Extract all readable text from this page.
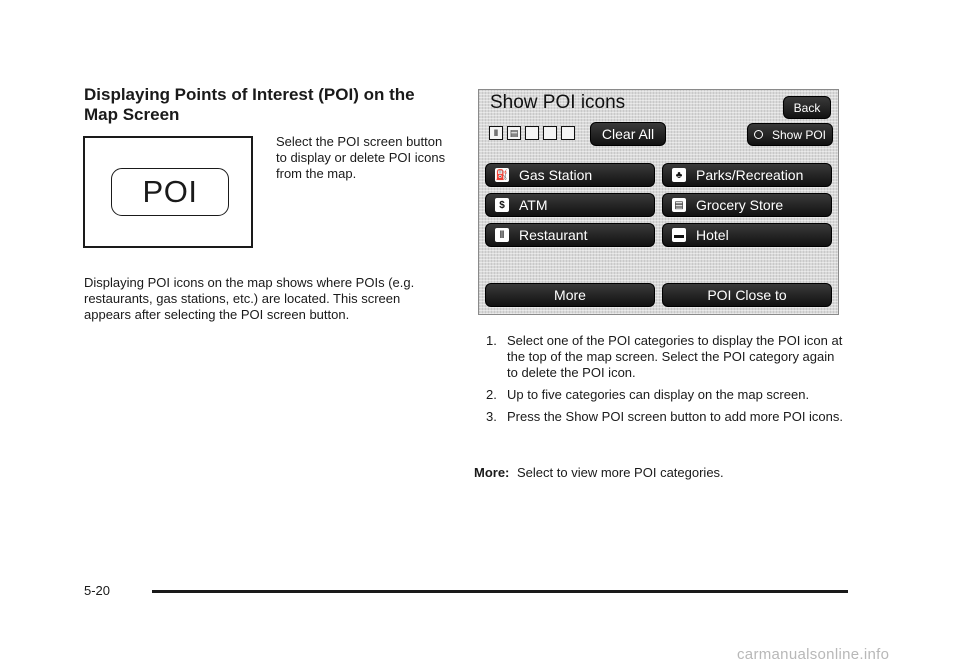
Displaying Points of Interest (POI) on the Map Screen
POI

Select the POI screen button to display or delete POI icons from the map.

Displaying POI icons on the map shows where POIs (e.g. restaurants, gas stations, etc.) are located. This screen appears after selecting the POI screen button.

Show POI icons	Back
ǁ	▤	Clear All	Show POI
⛽ Gas Station	♣ Parks/Recreation
$	ATM	▤ Grocery Store
ǁ	Restaurant	▬ Hotel
More	POI Close to
1. Select one of the POI categories to display the POI icon at the top of the map screen. Select the POI category again to delete the POI icon.
2. Up to five categories can display on the map screen.
3. Press the Show POI screen button to add more POI icons.

More: Select to view more POI categories.

5-20
carmanualsonline.info
